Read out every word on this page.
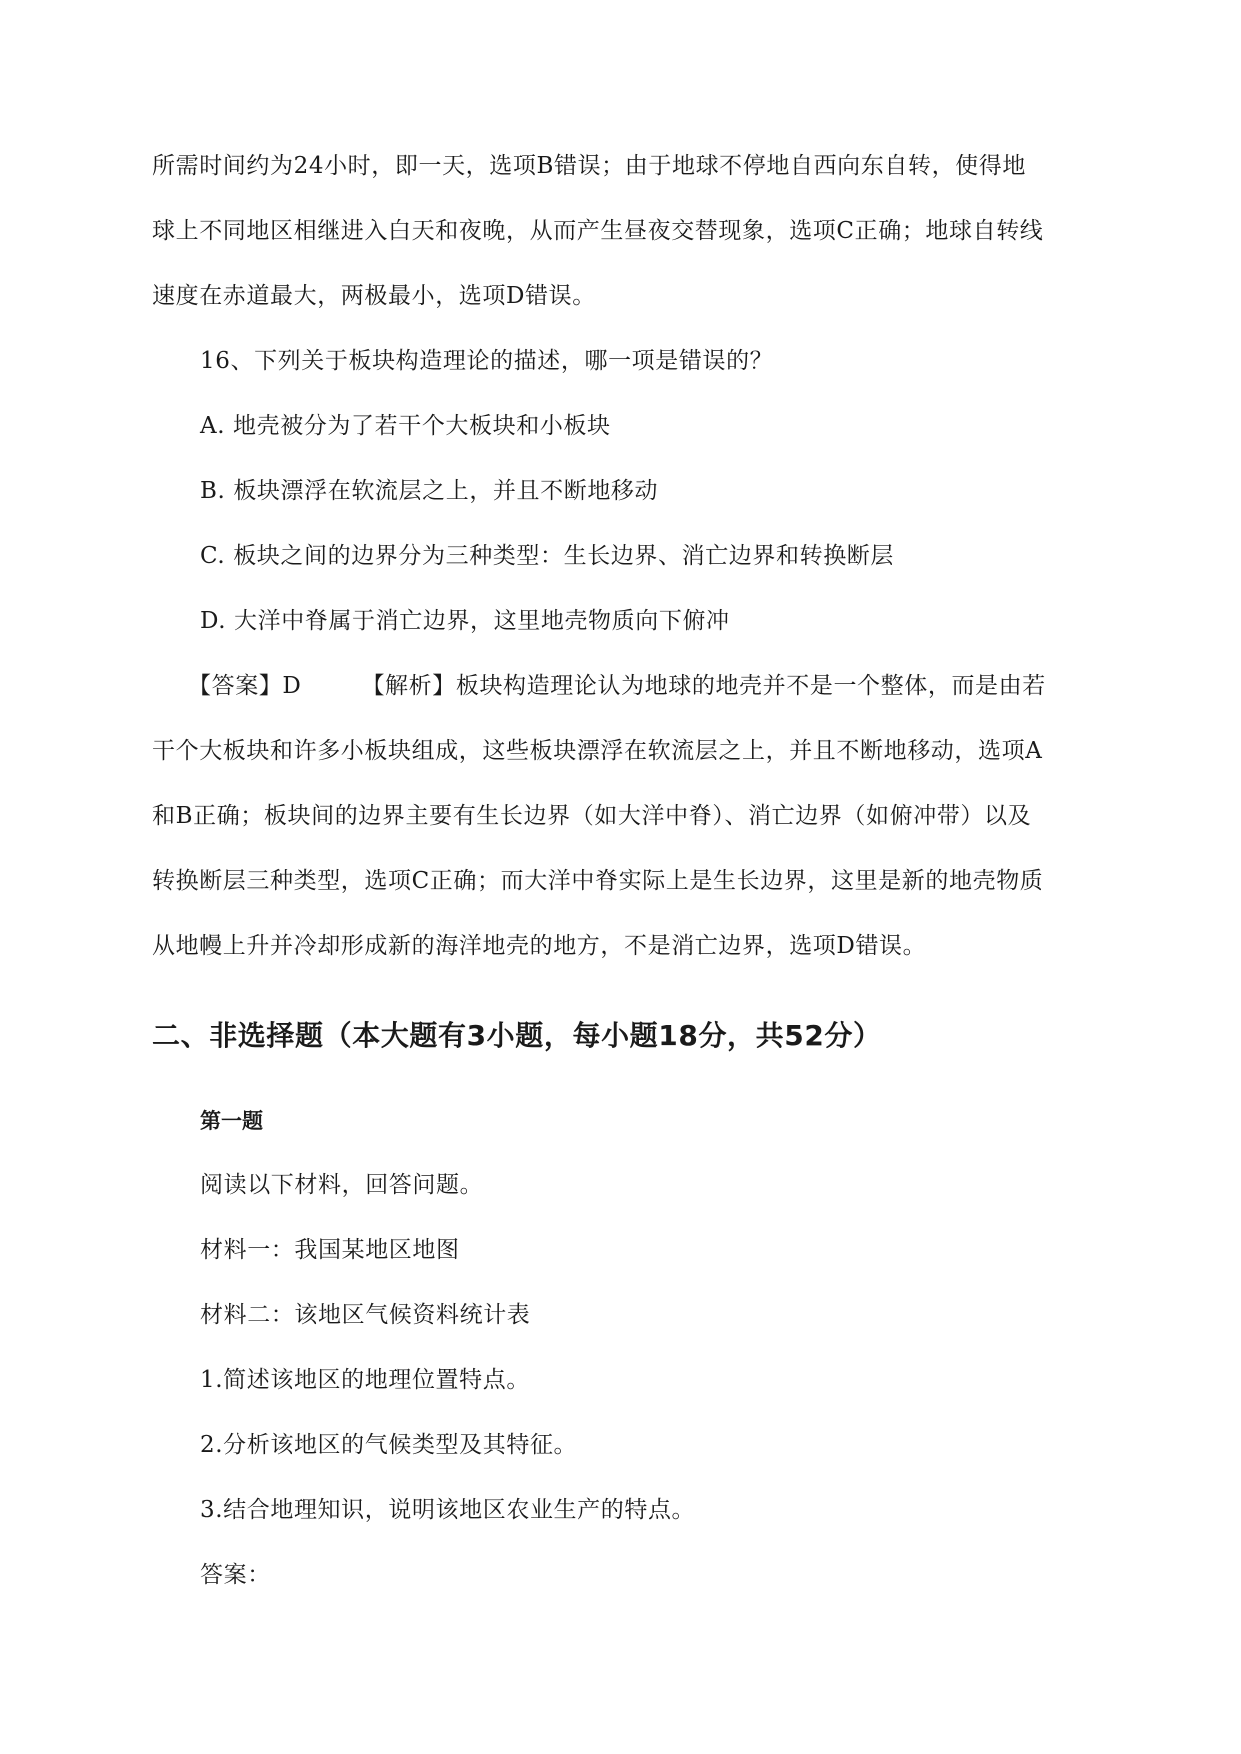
所需时间约为24小时，即一天，选项B错误；由于地球不停地自西向东自转，使得地
球上不同地区相继进入白天和夜晚，从而产生昼夜交替现象，选项C正确；地球自转线
速度在赤道最大，两极最小，选项D错误。
16、下列关于板块构造理论的描述，哪一项是错误的？
A. 地壳被分为了若干个大板块和小板块
B. 板块漂浮在软流层之上，并且不断地移动
C. 板块之间的边界分为三种类型：生长边界、消亡边界和转换断层
D. 大洋中脊属于消亡边界，这里地壳物质向下俯冲
【答案】D	【解析】板块构造理论认为地球的地壳并不是一个整体，而是由若
干个大板块和许多小板块组成，这些板块漂浮在软流层之上，并且不断地移动，选项A
和B正确；板块间的边界主要有生长边界（如大洋中脊）、消亡边界（如俯冲带）以及
转换断层三种类型，选项C正确；而大洋中脊实际上是生长边界，这里是新的地壳物质
从地幔上升并冷却形成新的海洋地壳的地方，不是消亡边界，选项D错误。
二、非选择题（本大题有3小题，每小题18分，共52分）
第一题
阅读以下材料，回答问题。
材料一：我国某地区地图
材料二：该地区气候资料统计表
1.简述该地区的地理位置特点。
2.分析该地区的气候类型及其特征。
3.结合地理知识，说明该地区农业生产的特点。
答案：
